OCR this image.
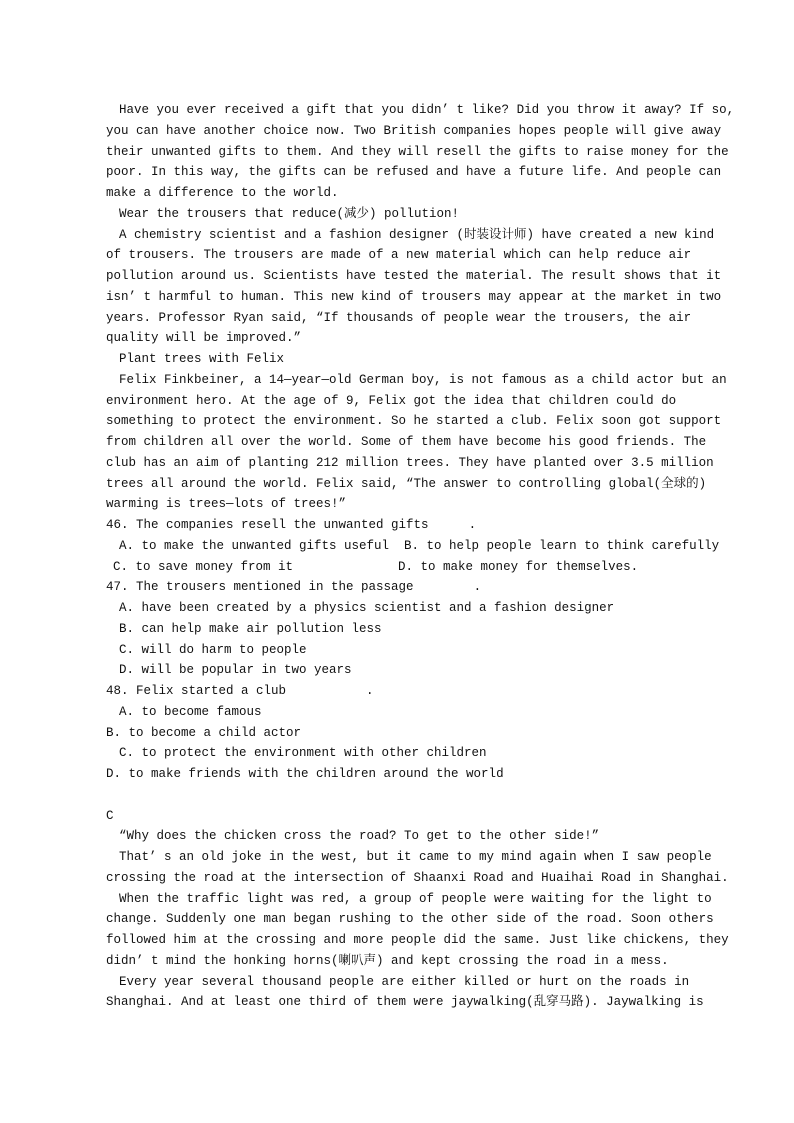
Have you ever received a gift that you didn’ t like? Did you throw it away? If so,
you can have another choice now. Two British companies hopes people will give away
their unwanted gifts to them. And they will resell the gifts to raise money for the
poor. In this way, the gifts can be refused and have a future life. And people can
make a difference to the world.
Wear the trousers that reduce(减少) pollution!
A chemistry scientist and a fashion designer (时装设计师) have created a new kind
of trousers. The trousers are made of a new material which can help reduce air
pollution around us. Scientists have tested the material. The result shows that it
isn’ t harmful to human. This new kind of trousers may appear at the market in two
years. Professor Ryan said, “If thousands of people wear the trousers, the air
quality will be improved.”
Plant trees with Felix
Felix Finkbeiner, a 14—year—old German boy, is not famous as a child actor but an
environment hero. At the age of 9, Felix got the idea that children could do
something to protect the environment. So he started a club. Felix soon got support
from children all over the world. Some of them have become his good friends. The
club has an aim of planting 212 million trees. They have planted over 3.5 million
trees all around the world. Felix said, “The answer to controlling global(全球的)
warming is trees—lots of trees!”
46. The companies resell the unwanted gifts	.
A. to make the unwanted gifts useful  B. to help people learn to think carefully
C. to save money from it              D. to make money for themselves.
47. The trousers mentioned in the passage	.
A. have been created by a physics scientist and a fashion designer
B. can help make air pollution less
C. will do harm to people
D. will be popular in two years
48. Felix started a club	.
A. to become famous
B. to become a child actor
C. to protect the environment with other children
D. to make friends with the children around the world
C
“Why does the chicken cross the road? To get to the other side!”
That’ s an old joke in the west, but it came to my mind again when I saw people
crossing the road at the intersection of Shaanxi Road and Huaihai Road in Shanghai.
When the traffic light was red, a group of people were waiting for the light to
change. Suddenly one man began rushing to the other side of the road. Soon others
followed him at the crossing and more people did the same. Just like chickens, they
didn’ t mind the honking horns(喇叭声) and kept crossing the road in a mess.
Every year several thousand people are either killed or hurt on the roads in
Shanghai. And at least one third of them were jaywalking(乱穿马路). Jaywalking is
